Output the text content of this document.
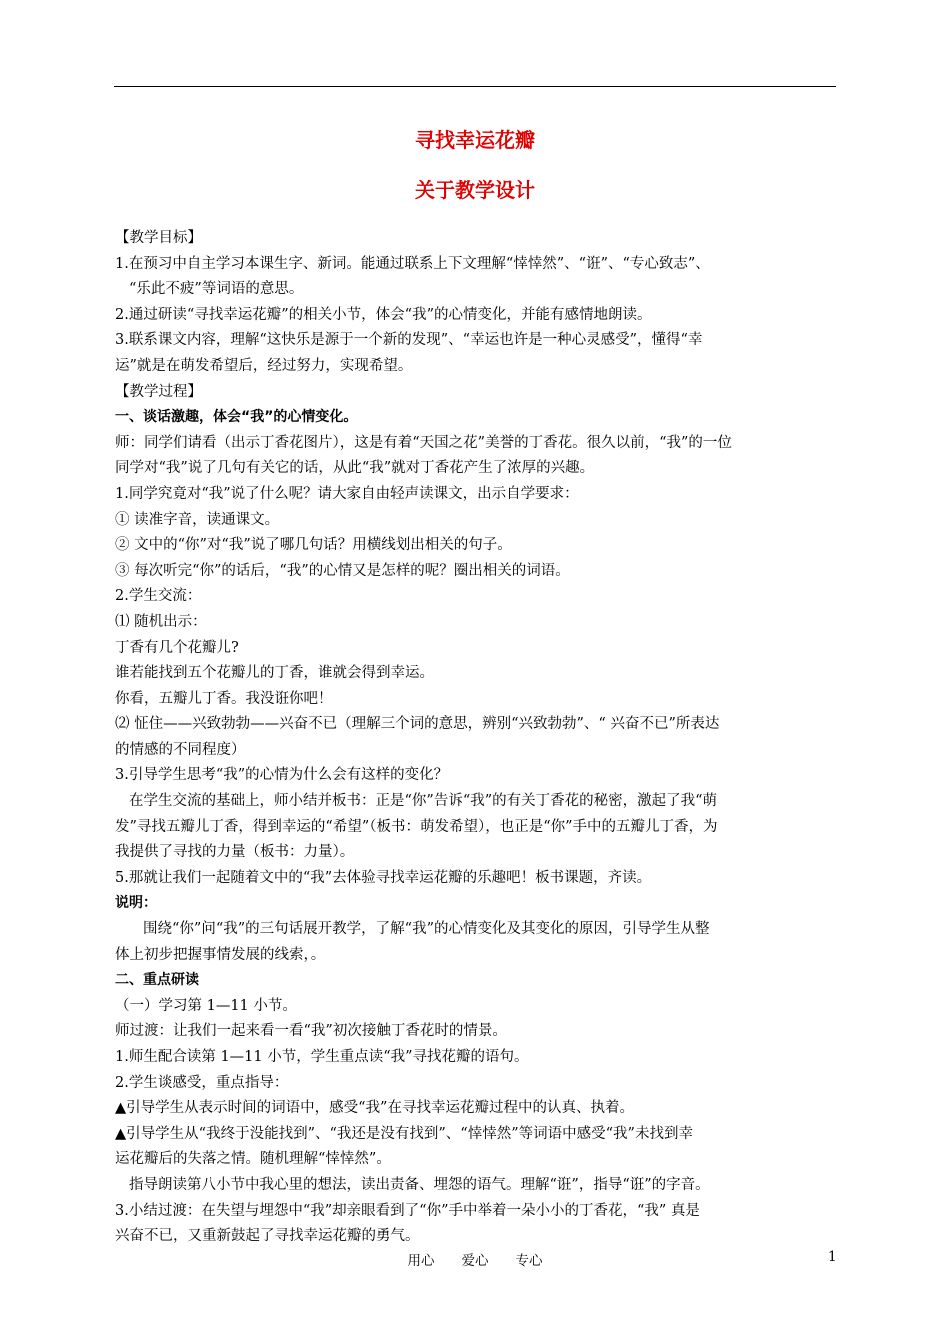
寻找幸运花瓣
关于教学设计

【教学目标】

1.在预习中自主学习本课生字、新词。能通过联系上下文理解“悻悻然”、“诳”、“专心致志”、

“乐此不疲”等词语的意思。

2.通过研读“寻找幸运花瓣”的相关小节，体会“我”的心情变化，并能有感情地朗读。

3.联系课文内容，理解“这快乐是源于一个新的发现”、“幸运也许是一种心灵感受”，懂得“幸

运”就是在萌发希望后，经过努力，实现希望。

【教学过程】

一、谈话激趣，体会“我”的心情变化。

师：同学们请看（出示丁香花图片），这是有着“天国之花”美誉的丁香花。很久以前，“我”的一位

同学对“我”说了几句有关它的话，从此“我”就对丁香花产生了浓厚的兴趣。

1.同学究竟对“我”说了什么呢？请大家自由轻声读课文，出示自学要求：

① 读准字音，读通课文。

② 文中的“你”对“我”说了哪几句话？用横线划出相关的句子。

③ 每次听完“你”的话后，“我”的心情又是怎样的呢？圈出相关的词语。

2.学生交流：

⑴ 随机出示：

丁香有几个花瓣儿?

谁若能找到五个花瓣儿的丁香，谁就会得到幸运。

你看，五瓣儿丁香。我没诳你吧！

⑵ 怔住——兴致勃勃——兴奋不已（理解三个词的意思，辨别“兴致勃勃”、“ 兴奋不已”所表达

的情感的不同程度）

3.引导学生思考“我”的心情为什么会有这样的变化？

在学生交流的基础上，师小结并板书：正是“你”告诉“我”的有关丁香花的秘密，激起了我“萌

发”寻找五瓣儿丁香，得到幸运的“希望”（板书：萌发希望），也正是“你”手中的五瓣儿丁香，为

我提供了寻找的力量（板书：力量）。

5.那就让我们一起随着文中的“我”去体验寻找幸运花瓣的乐趣吧！板书课题，齐读。

说明：

围绕“你”问“我”的三句话展开教学，了解“我”的心情变化及其变化的原因，引导学生从整

体上初步把握事情发展的线索，。

二、重点研读

（一）学习第 1—11 小节。

师过渡：让我们一起来看一看“我”初次接触丁香花时的情景。

1.师生配合读第 1—11 小节，学生重点读“我”寻找花瓣的语句。

2.学生谈感受，重点指导：

▲引导学生从表示时间的词语中，感受“我”在寻找幸运花瓣过程中的认真、执着。

▲引导学生从“我终于没能找到”、“我还是没有找到”、“悻悻然”等词语中感受“我”未找到幸

运花瓣后的失落之情。随机理解“悻悻然”。

指导朗读第八小节中我心里的想法，读出责备、埋怨的语气。理解“诳”，指导“诳”的字音。

3.小结过渡：在失望与埋怨中“我”却亲眼看到了“你”手中举着一朵小小的丁香花，“我” 真是

兴奋不已，又重新鼓起了寻找幸运花瓣的勇气。

用心　　爱心　　专心	1
